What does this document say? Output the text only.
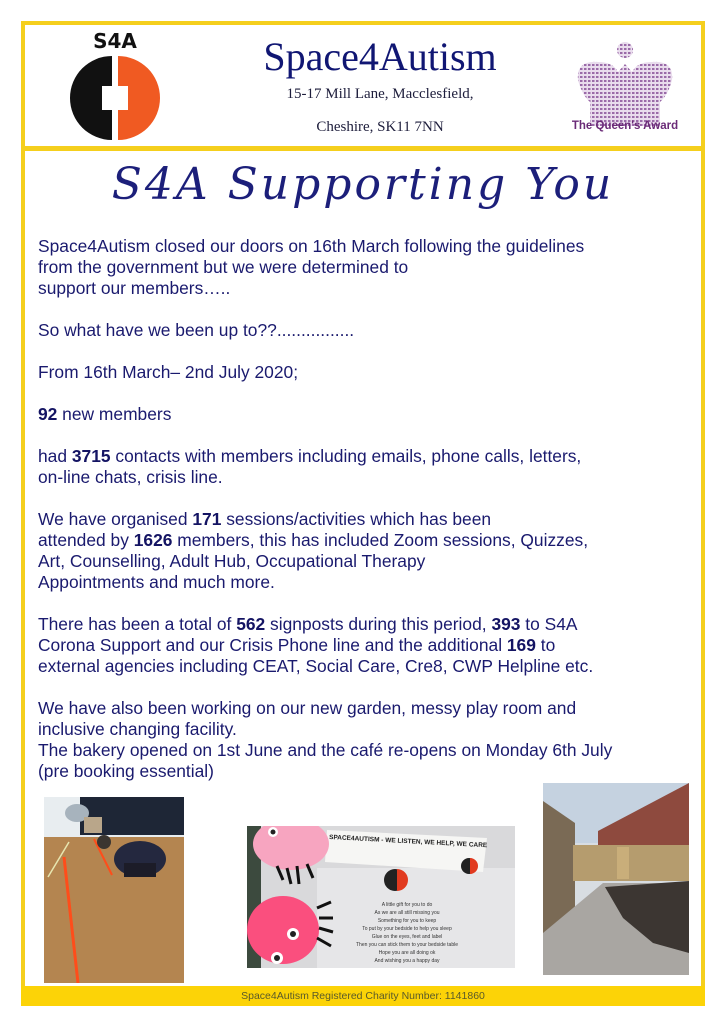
S4A	Space4Autism
15-17 Mill Lane, Macclesfield,
Cheshire, SK11 7NN	The Queen's Award
S4A Supporting You

Space4Autism closed our doors on 16th March following the guidelines
from the government but we were determined to
support our members…..

So what have we been up to??................

From 16th March– 2nd July 2020;

92 new members

had 3715 contacts with members including emails, phone calls, letters,
on-line chats, crisis line.

We have organised 171 sessions/activities which has been
attended by 1626 members, this has included Zoom sessions, Quizzes,
Art, Counselling, Adult Hub, Occupational Therapy
Appointments and much more.

There has been a total of 562 signposts during this period, 393 to S4A
Corona Support and our Crisis Phone line and the additional 169 to
external agencies including CEAT, Social Care, Cre8, CWP Helpline etc.

We have also been working on our new garden, messy play room and
inclusive changing facility.
The bakery opened on 1st June and the café re-opens on Monday 6th July
(pre booking essential)

SPACE4AUTISM - WE LISTEN, WE HELP, WE CARE
A little gift for you to do
As we are all still missing you
Something for you to keep
To put by your bedside to help you sleep
Glue on the eyes, feet and label
Then you can stick them to your bedside table
Hope you are all doing ok
And wishing you a happy day
Space4Autism Registered Charity Number: 1141860
